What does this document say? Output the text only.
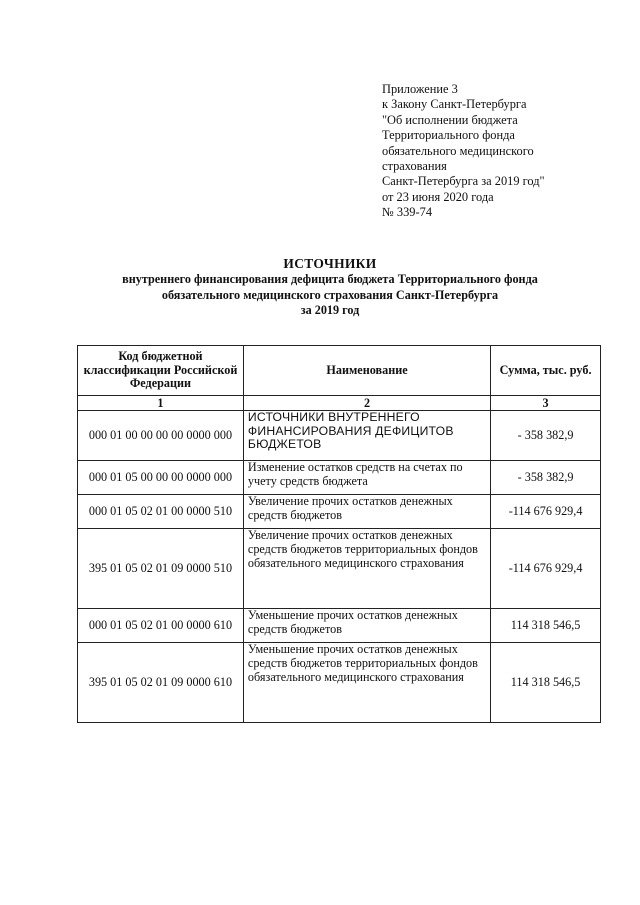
Приложение 3
к Закону Санкт-Петербурга
"Об исполнении бюджета
Территориального фонда
обязательного медицинского
страхования
Санкт-Петербурга за 2019 год"
от 23 июня 2020 года
№ 339-74
ИСТОЧНИКИ
внутреннего финансирования дефицита бюджета Территориального фонда
обязательного медицинского страхования Санкт-Петербурга
за 2019 год
Код бюджетной классификации Российской Федерации	Наименование	Сумма, тыс. руб.
1	2	3
000 01 00 00 00 00 0000 000	ИСТОЧНИКИ ВНУТРЕННЕГО ФИНАНСИРОВАНИЯ ДЕФИЦИТОВ БЮДЖЕТОВ	- 358 382,9
000 01 05 00 00 00 0000 000	Изменение остатков средств на счетах по учету средств бюджета	- 358 382,9
000 01 05 02 01 00 0000 510	Увеличение прочих остатков денежных средств бюджетов	-114 676 929,4
395 01 05 02 01 09 0000 510	Увеличение прочих остатков денежных средств бюджетов территориальных фондов обязательного медицинского страхования	-114 676 929,4
000 01 05 02 01 00 0000 610	Уменьшение прочих остатков денежных средств бюджетов	114 318 546,5
395 01 05 02 01 09 0000 610	Уменьшение прочих остатков денежных средств бюджетов территориальных фондов обязательного медицинского страхования	114 318 546,5
